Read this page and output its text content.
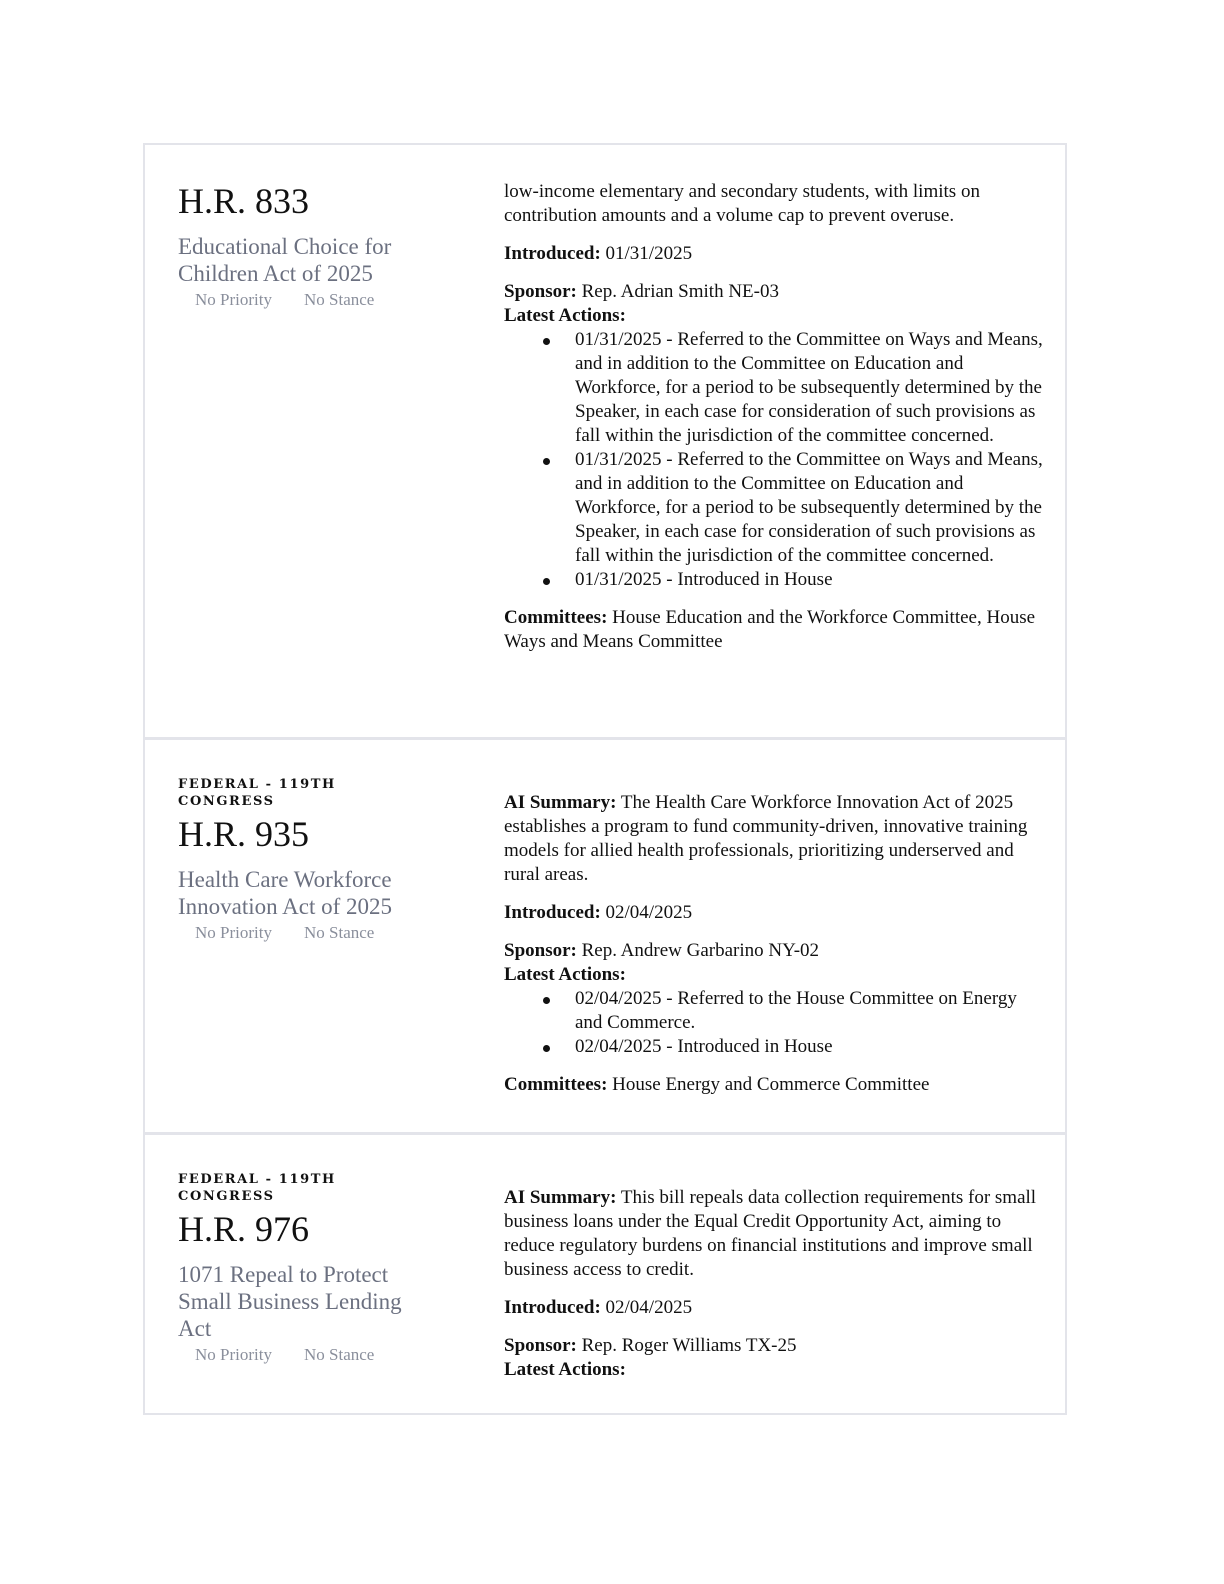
H.R. 833
Educational Choice for Children Act of 2025
No Priority No Stance

low-income elementary and secondary students, with limits on contribution amounts and a volume cap to prevent overuse.

Introduced: 01/31/2025

Sponsor: Rep. Adrian Smith NE-03

Latest Actions:
01/31/2025 - Referred to the Committee on Ways and Means, and in addition to the Committee on Education and Workforce, for a period to be subsequently determined by the Speaker, in each case for consideration of such provisions as fall within the jurisdiction of the committee concerned.
01/31/2025 - Referred to the Committee on Ways and Means, and in addition to the Committee on Education and Workforce, for a period to be subsequently determined by the Speaker, in each case for consideration of such provisions as fall within the jurisdiction of the committee concerned.
01/31/2025 - Introduced in House

Committees: House Education and the Workforce Committee, House Ways and Means Committee

FEDERAL - 119TH CONGRESS
H.R. 935
Health Care Workforce Innovation Act of 2025
No Priority No Stance

AI Summary: The Health Care Workforce Innovation Act of 2025 establishes a program to fund community-driven, innovative training models for allied health professionals, prioritizing underserved and rural areas.

Introduced: 02/04/2025

Sponsor: Rep. Andrew Garbarino NY-02

Latest Actions:
02/04/2025 - Referred to the House Committee on Energy and Commerce.
02/04/2025 - Introduced in House

Committees: House Energy and Commerce Committee

FEDERAL - 119TH CONGRESS
H.R. 976
1071 Repeal to Protect Small Business Lending Act
No Priority No Stance

AI Summary: This bill repeals data collection requirements for small business loans under the Equal Credit Opportunity Act, aiming to reduce regulatory burdens on financial institutions and improve small business access to credit.

Introduced: 02/04/2025

Sponsor: Rep. Roger Williams TX-25

Latest Actions:
